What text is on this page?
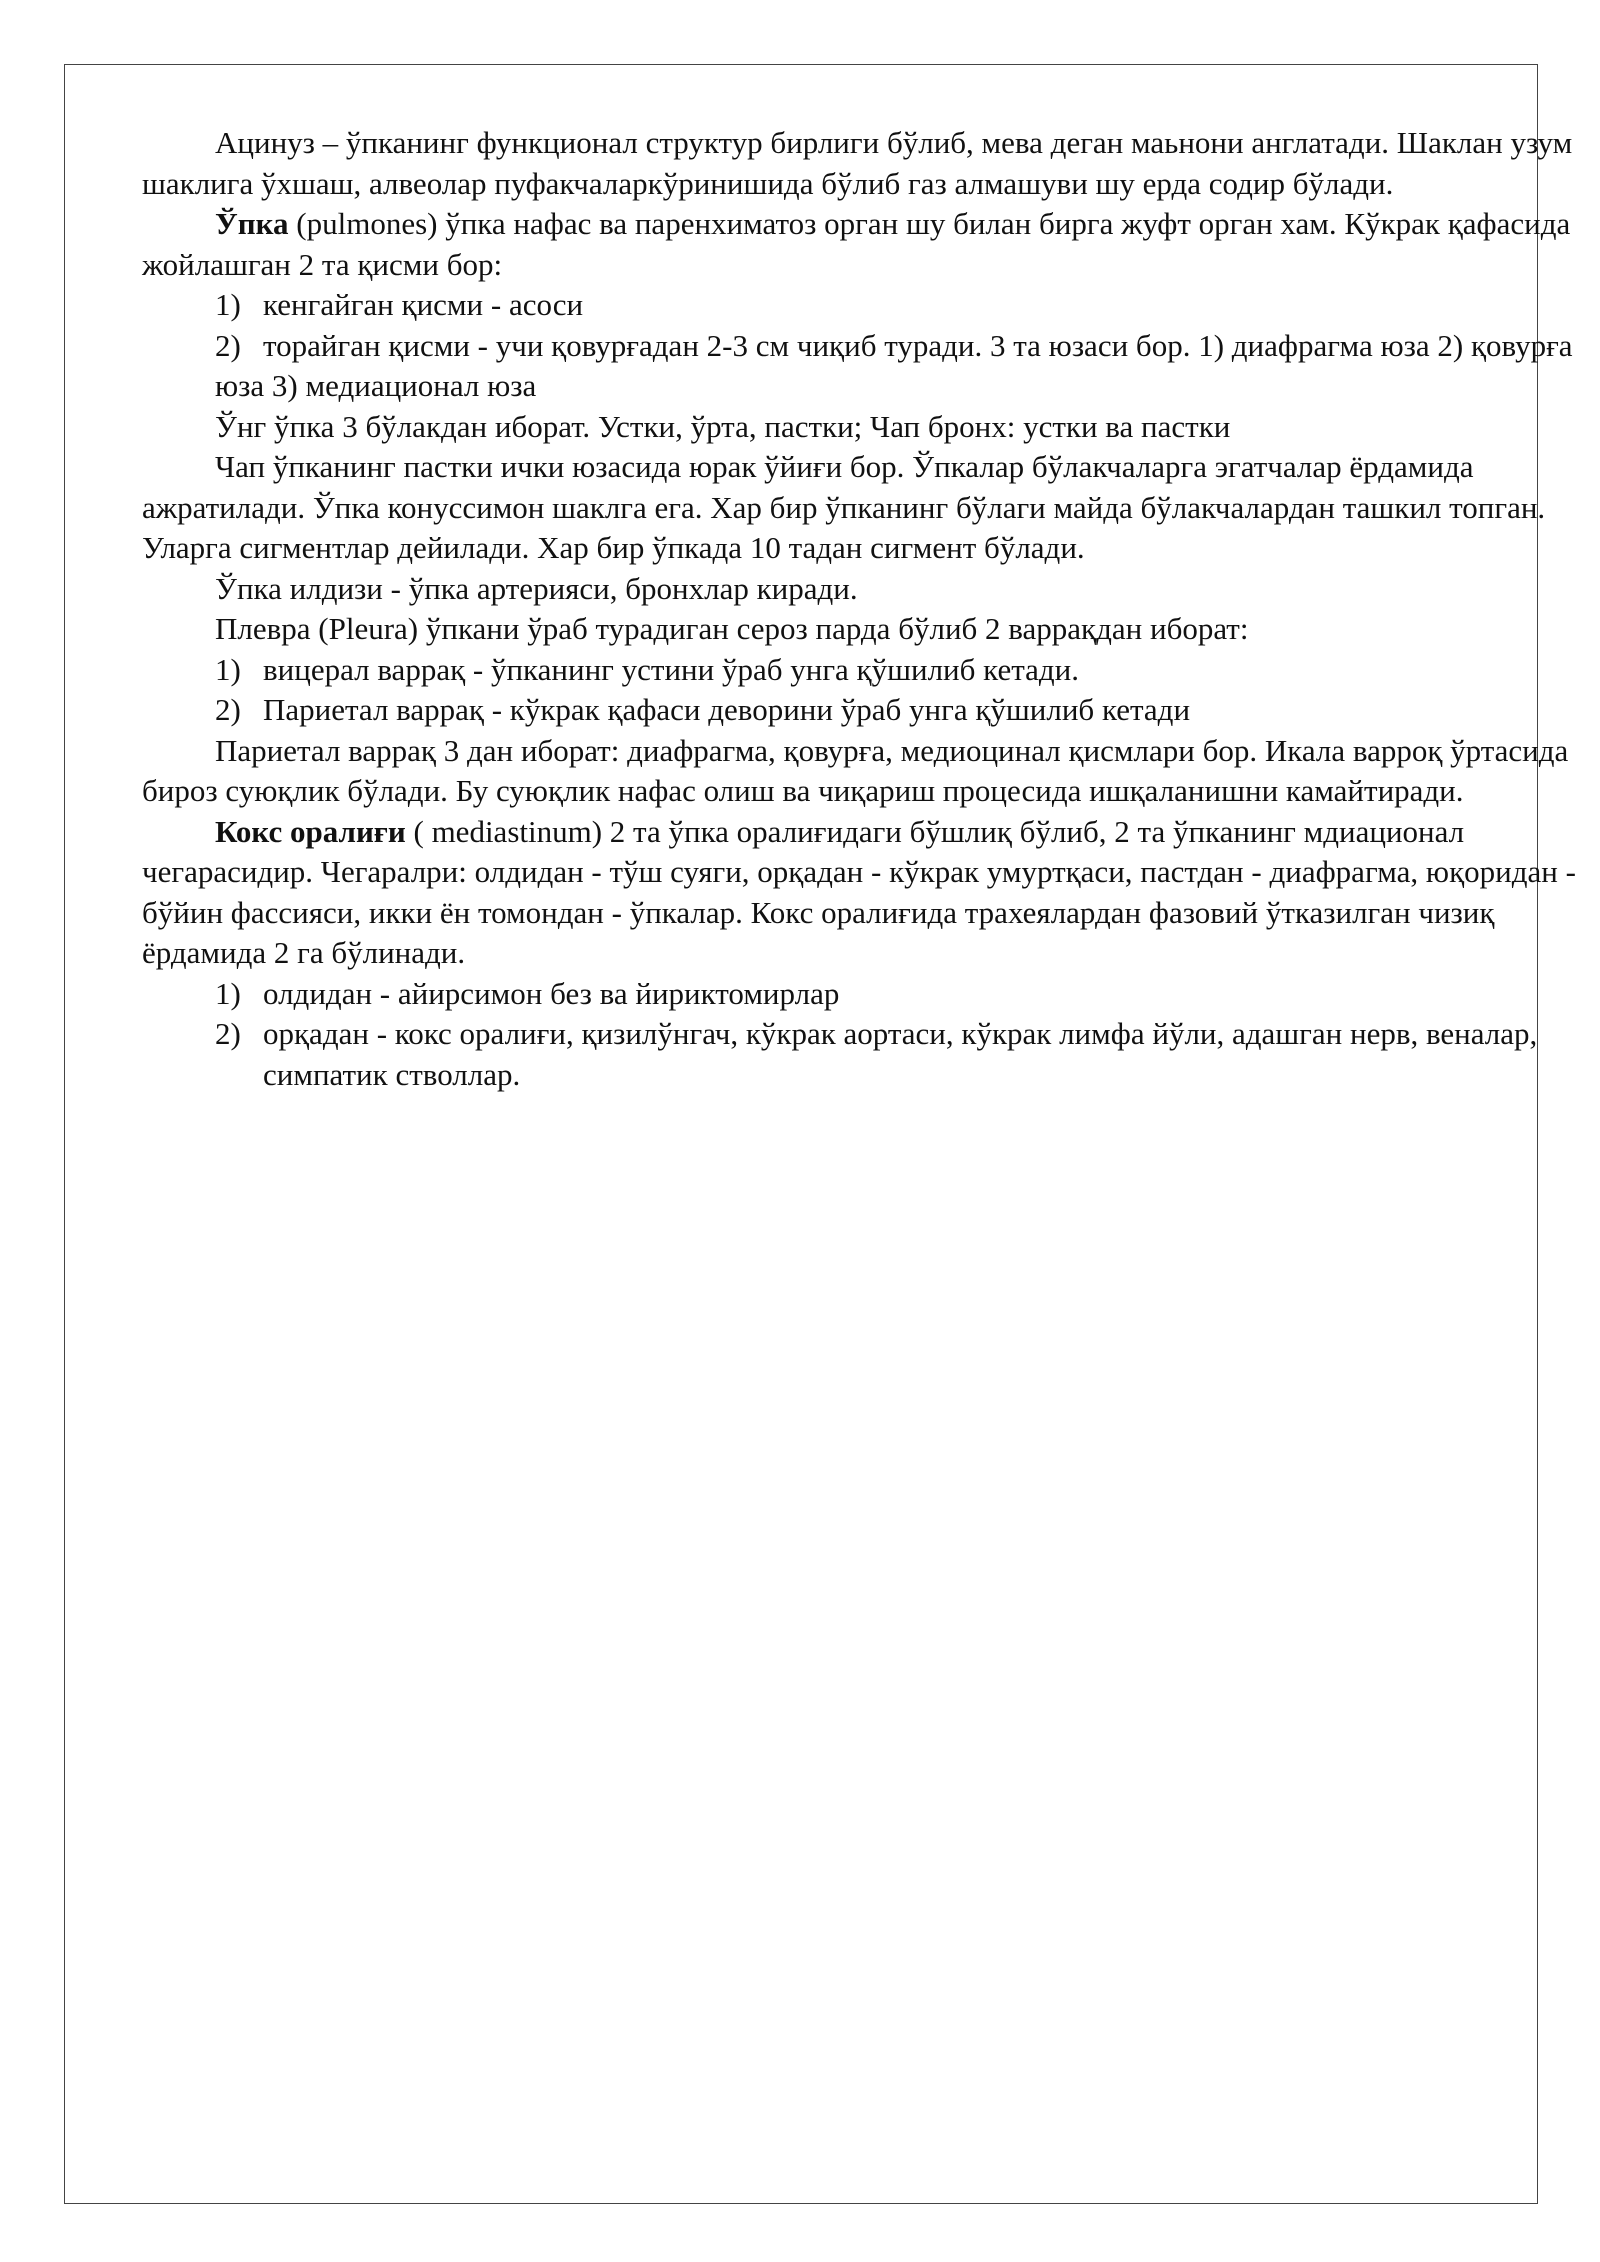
Ацинуз – ўпканинг функционал структур бирлиги бўлиб, мева деган маьнони англатади. Шаклан узум шаклига ўхшаш, алвеолар пуфакчаларкўринишида бўлиб газ алмашуви шу ерда содир бўлади.

Ўпка (pulmones) ўпка нафас ва паренхиматоз орган шу билан бирга жуфт орган хам. Кўкрак қафасида жойлашган 2 та қисми бор:

1) кенгайган қисми - асоси
2) торайган қисми - учи қовурғадан 2-3 см чиқиб туради. 3 та юзаси бор. 1) диафрагма юза 2) қовурға юза 3) медиационал юза

Ўнг ўпка 3 бўлакдан иборат. Устки, ўрта, пастки; Чап бронх: устки ва пастки

Чап ўпканинг пастки ички юзасида юрак ўйиғи бор. Ўпкалар бўлакчаларга эгатчалар ёрдамида ажратилади. Ўпка конуссимон шаклга ега. Хар бир ўпканинг бўлаги майда бўлакчалардан ташкил топган. Уларга сигментлар дейилади. Хар бир ўпкада 10 тадан сигмент бўлади.

Ўпка илдизи - ўпка артерияси, бронхлар киради.

Плевра (Pleura) ўпкани ўраб турадиган сероз парда бўлиб 2 варрақдан иборат:

1) вицерал варрақ - ўпканинг устини ўраб унга қўшилиб кетади.
2) Париетал варрақ - кўкрак қафаси деворини ўраб унга қўшилиб кетади

Париетал варрақ 3 дан иборат: диафрагма, қовурға, медиоцинал қисмлари бор. Икала варроқ ўртасида бироз суюқлик бўлади. Бу суюқлик нафас олиш ва чиқариш процесида ишқаланишни камайтиради.

Кокс оралиғи ( mediastinum) 2 та ўпка оралиғидаги бўшлиқ бўлиб, 2 та ўпканинг мдиационал чегарасидир. Чегаралри: олдидан - тўш суяги, орқадан - кўкрак умуртқаси, пастдан - диафрагма, юқоридан - бўйин фассияси, икки ён томондан - ўпкалар. Кокс оралиғида трахеялардан фазовий ўтказилган чизиқ ёрдамида 2 га бўлинади.

1) олдидан - айирсимон без ва йириктомирлар
2) орқадан - кокс оралиғи, қизилўнгач, кўкрак аортаси, кўкрак лимфа йўли, адашган нерв, веналар, симпатик стволлар.
